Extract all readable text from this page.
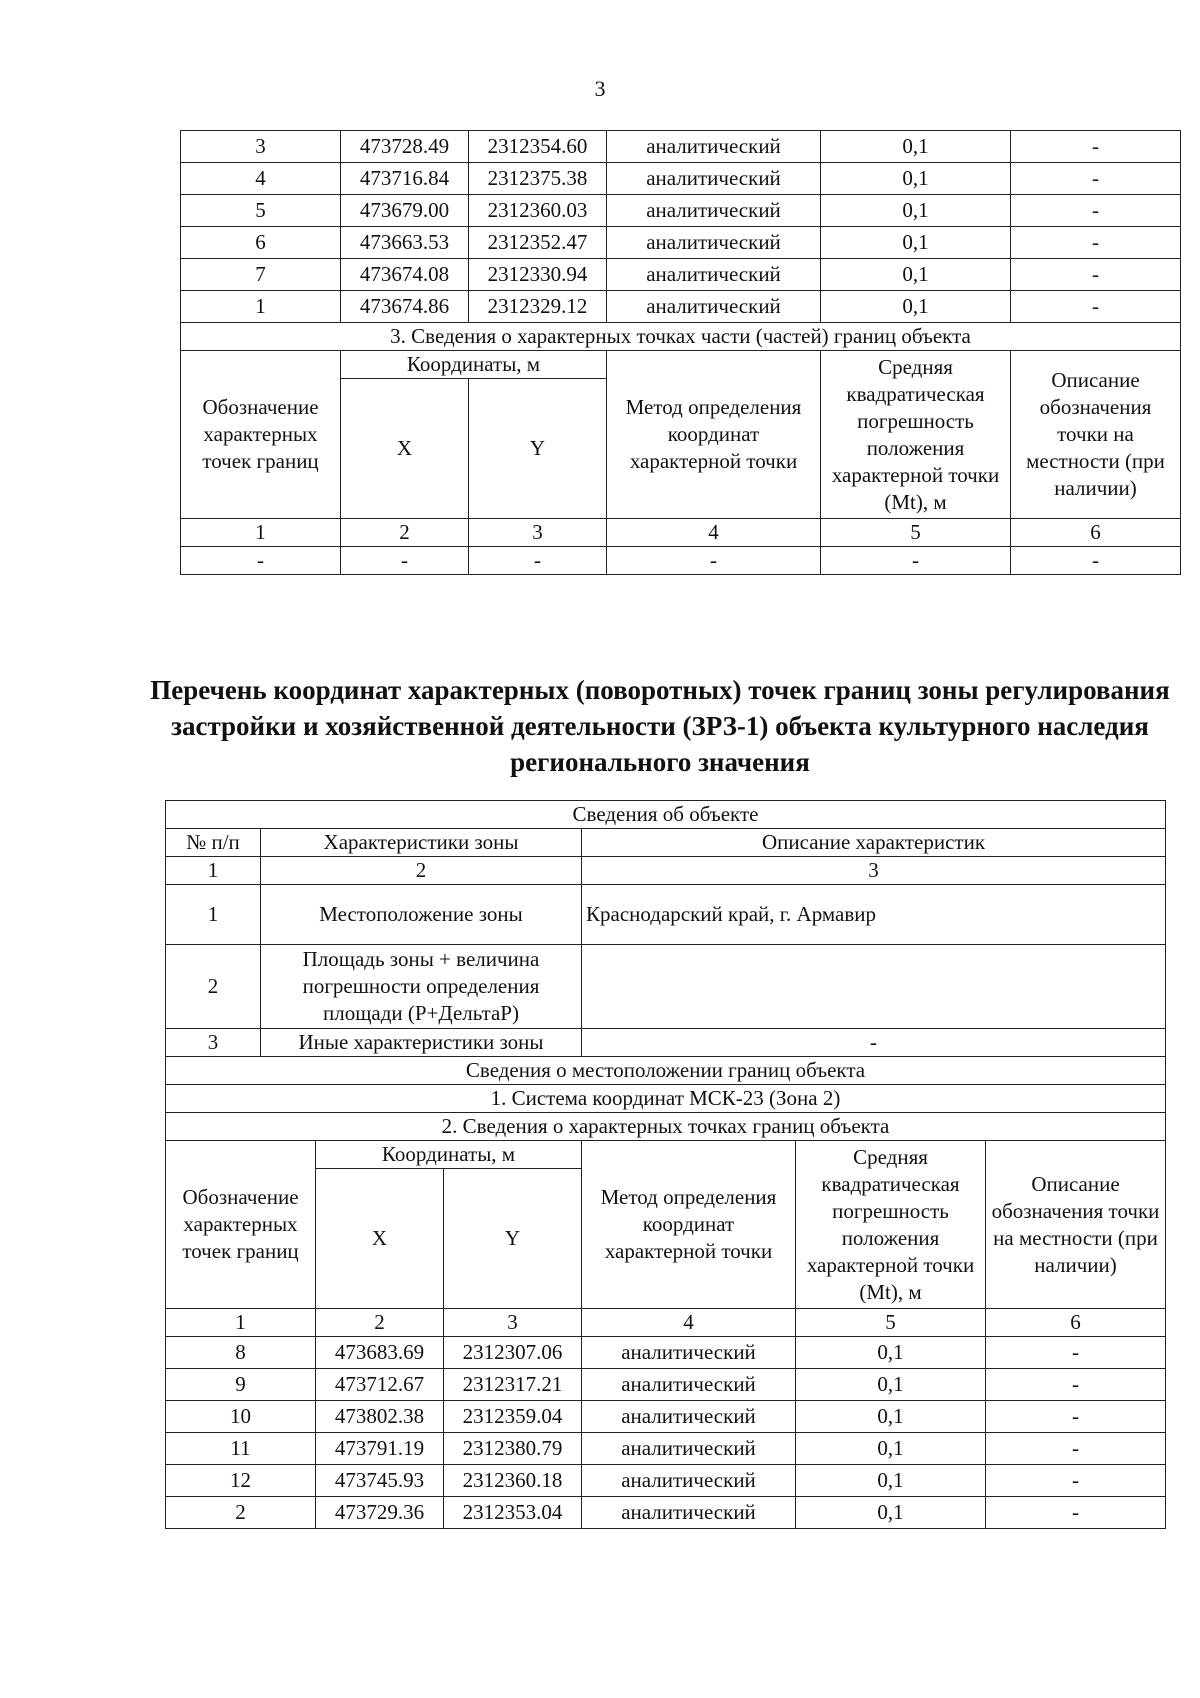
3
3	473728.49	2312354.60	аналитический	0,1	-
4	473716.84	2312375.38	аналитический	0,1	-
5	473679.00	2312360.03	аналитический	0,1	-
6	473663.53	2312352.47	аналитический	0,1	-
7	473674.08	2312330.94	аналитический	0,1	-
1	473674.86	2312329.12	аналитический	0,1	-
3. Сведения о характерных точках части (частей) границ объекта					
Обозначение характерных точек границ	Координаты, м		Метод определения координат характерной точки	Средняя квадратическая погрешность положения характерной точки (Mt), м	Описание обозначения точки на местности (при наличии)
	X	Y			
1	2	3	4	5	6
-	-	-	-	-	-
Перечень координат характерных (поворотных) точек границ зоны регулирования застройки и хозяйственной деятельности (ЗРЗ-1) объекта культурного наследия регионального значения
Сведения об объекте						
№ п/п	Характеристики зоны			Описание характеристик		
1	2			3		
1	Местоположение зоны			Краснодарский край, г. Армавир		
2	Площадь зоны + величина погрешности определения площади (P+ДельтаP)					
3	Иные характеристики зоны			-		
Сведения о местоположении границ объекта						
1. Система координат МСК-23 (Зона 2)						
2. Сведения о характерных точках границ объекта						
Обозначение характерных точек границ		Координаты, м		Метод определения координат характерной точки	Средняя квадратическая погрешность положения характерной точки (Mt), м	Описание обозначения точки на местности (при наличии)
		X	Y			
1		2	3	4	5	6
8		473683.69	2312307.06	аналитический	0,1	-
9		473712.67	2312317.21	аналитический	0,1	-
10		473802.38	2312359.04	аналитический	0,1	-
11		473791.19	2312380.79	аналитический	0,1	-
12		473745.93	2312360.18	аналитический	0,1	-
2		473729.36	2312353.04	аналитический	0,1	-
